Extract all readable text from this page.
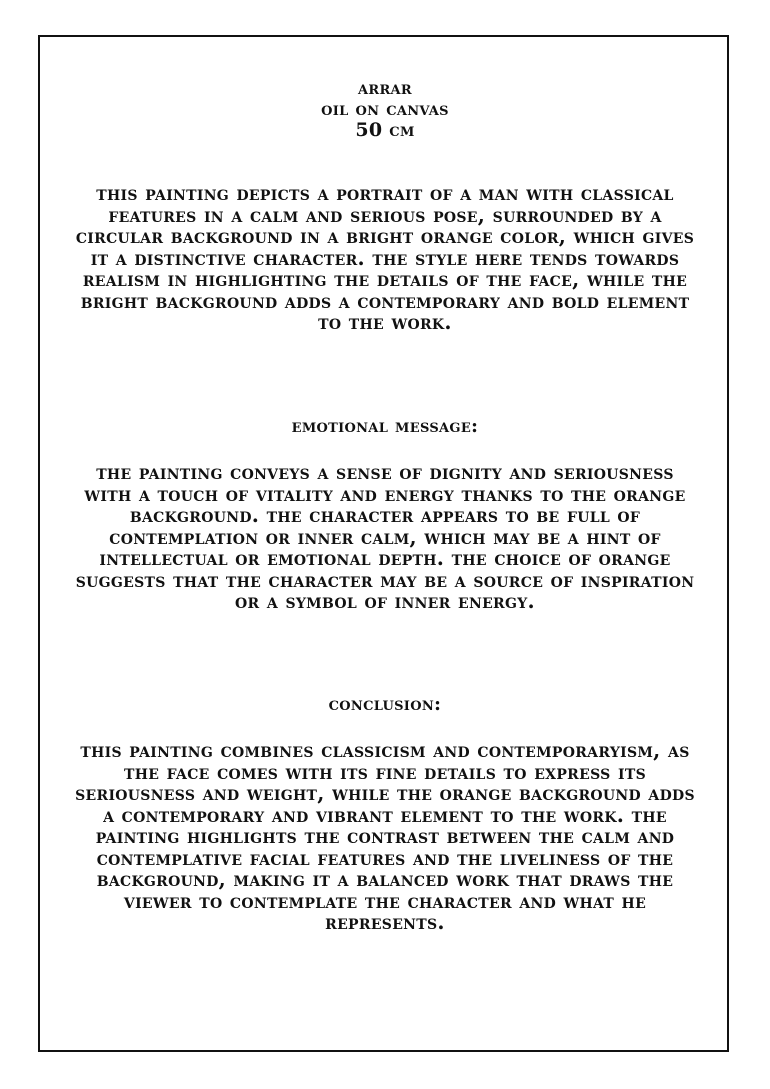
arrar
oil on canvas
50 cm
this painting depicts a portrait of a man with classical features in a calm and serious pose, surrounded by a circular background in a bright orange color, which gives it a distinctive character. the style here tends towards realism in highlighting the details of the face, while the bright background adds a contemporary and bold element to the work.
emotional message:
the painting conveys a sense of dignity and seriousness with a touch of vitality and energy thanks to the orange background. the character appears to be full of contemplation or inner calm, which may be a hint of intellectual or emotional depth. the choice of orange suggests that the character may be a source of inspiration or a symbol of inner energy.
conclusion:
this painting combines classicism and contemporaryism, as the face comes with its fine details to express its seriousness and weight, while the orange background adds a contemporary and vibrant element to the work. the painting highlights the contrast between the calm and contemplative facial features and the liveliness of the background, making it a balanced work that draws the viewer to contemplate the character and what he represents.
